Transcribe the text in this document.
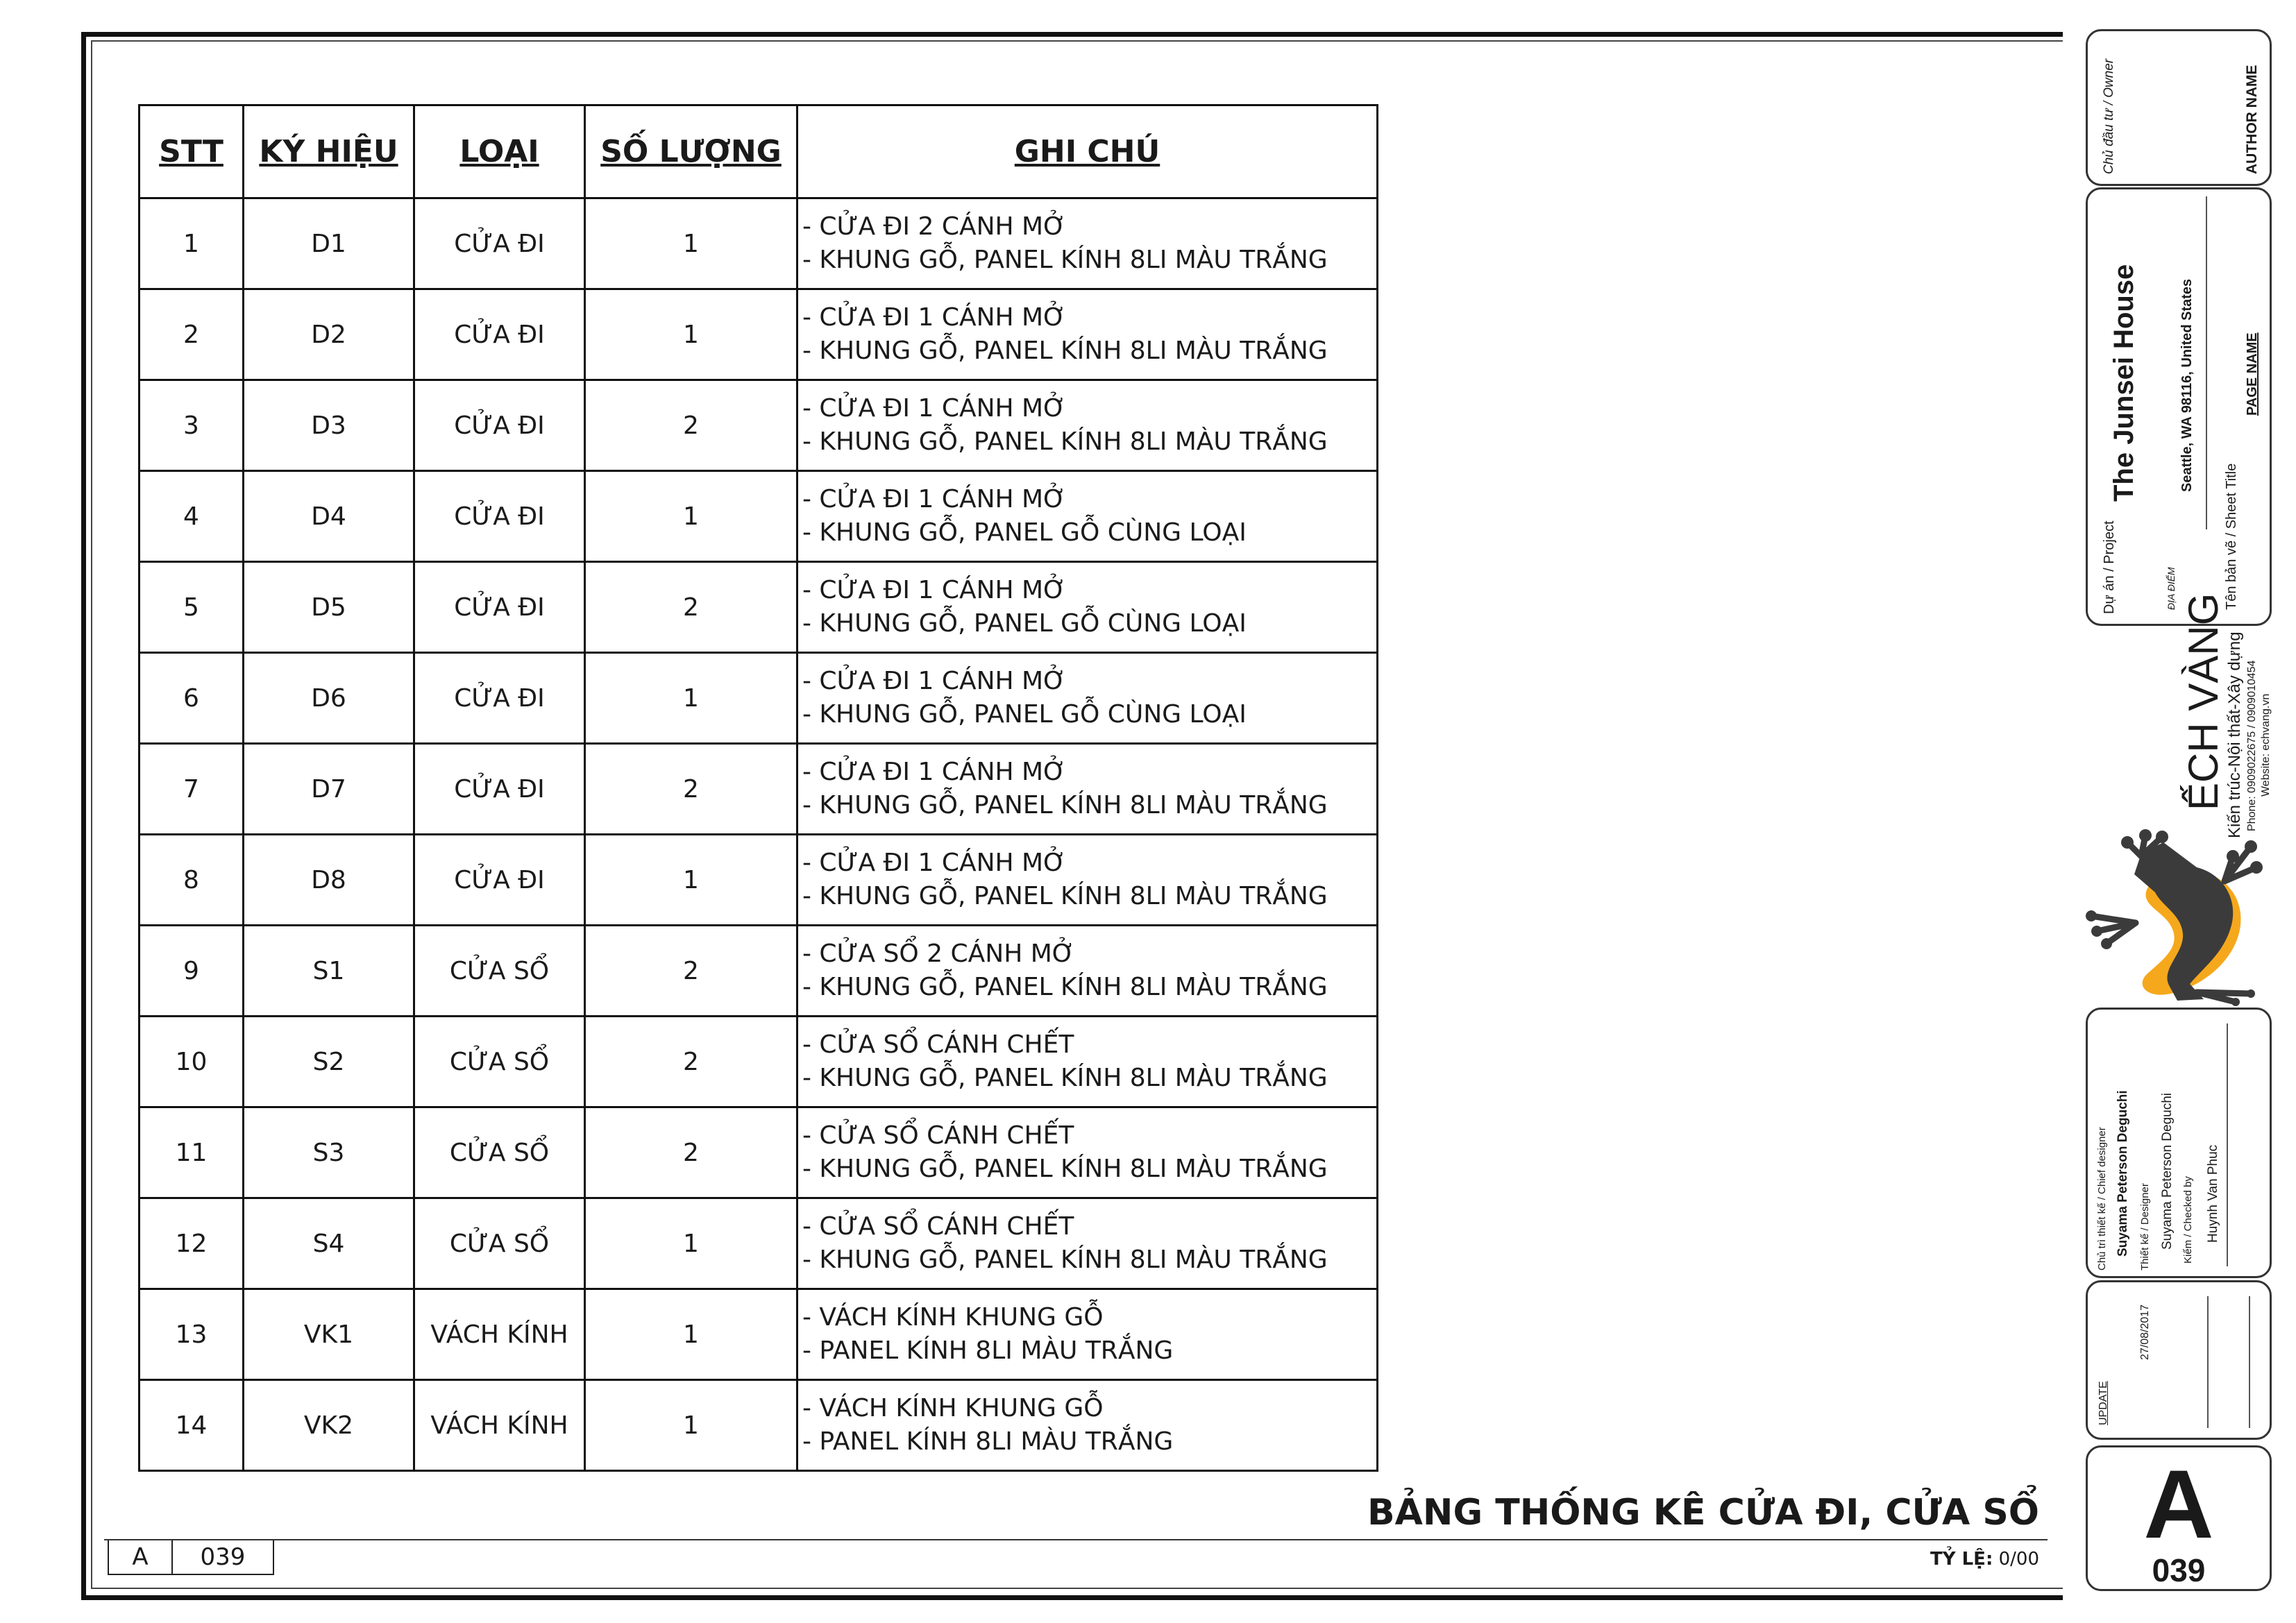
STT	KÝ HIỆU	LOẠI	SỐ LƯỢNG	GHI CHÚ
1	D1	CỬA ĐI	1	- CỬA ĐI 2 CÁNH MỞ
- KHUNG GỖ, PANEL KÍNH 8LI MÀU TRẮNG

2	D2	CỬA ĐI	1	- CỬA ĐI 1 CÁNH MỞ
- KHUNG GỖ, PANEL KÍNH 8LI MÀU TRẮNG

3	D3	CỬA ĐI	2	- CỬA ĐI 1 CÁNH MỞ
- KHUNG GỖ, PANEL KÍNH 8LI MÀU TRẮNG

4	D4	CỬA ĐI	1	- CỬA ĐI 1 CÁNH MỞ
- KHUNG GỖ, PANEL GỖ CÙNG LOẠI

5	D5	CỬA ĐI	2	- CỬA ĐI 1 CÁNH MỞ
- KHUNG GỖ, PANEL GỖ CÙNG LOẠI

6	D6	CỬA ĐI	1	- CỬA ĐI 1 CÁNH MỞ
- KHUNG GỖ, PANEL GỖ CÙNG LOẠI

7	D7	CỬA ĐI	2	- CỬA ĐI 1 CÁNH MỞ
- KHUNG GỖ, PANEL KÍNH 8LI MÀU TRẮNG

8	D8	CỬA ĐI	1	- CỬA ĐI 1 CÁNH MỞ
- KHUNG GỖ, PANEL KÍNH 8LI MÀU TRẮNG

9	S1	CỬA SỔ	2	- CỬA SỔ 2 CÁNH MỞ
- KHUNG GỖ, PANEL KÍNH 8LI MÀU TRẮNG

10	S2	CỬA SỔ	2	- CỬA SỔ CÁNH CHẾT
- KHUNG GỖ, PANEL KÍNH 8LI MÀU TRẮNG

11	S3	CỬA SỔ	2	- CỬA SỔ CÁNH CHẾT
- KHUNG GỖ, PANEL KÍNH 8LI MÀU TRẮNG

12	S4	CỬA SỔ	1	- CỬA SỔ CÁNH CHẾT
- KHUNG GỖ, PANEL KÍNH 8LI MÀU TRẮNG

13	VK1	VÁCH KÍNH	1	- VÁCH KÍNH KHUNG GỖ
- PANEL KÍNH 8LI MÀU TRẮNG

14	VK2	VÁCH KÍNH	1	- VÁCH KÍNH KHUNG GỖ
- PANEL KÍNH 8LI MÀU TRẮNG
BẢNG THỐNG KÊ CỬA ĐI, CỬA SỔ
TỶ LỆ: 0/00
A	039
Chủ đầu tư / Owner	AUTHOR NAME
Dự án / Project
The Junsei House
ĐỊA ĐIỂM
Seattle, WA 98116, United States
Tên bản vẽ / Sheet Title
PAGE NAME
ẾCH VÀNG
Kiến trúc-Nội thất-Xây dựng Phone: 0909022675 / 0909010454 Website: echvang.vn
Chủ trì thiết kế / Chief designer Suyama Peterson Deguchi Thiết kế / Designer Suyama Peterson Deguchi Kiểm / Checked by Huynh Van Phuc
UPDATE
27/08/2017
A
039
